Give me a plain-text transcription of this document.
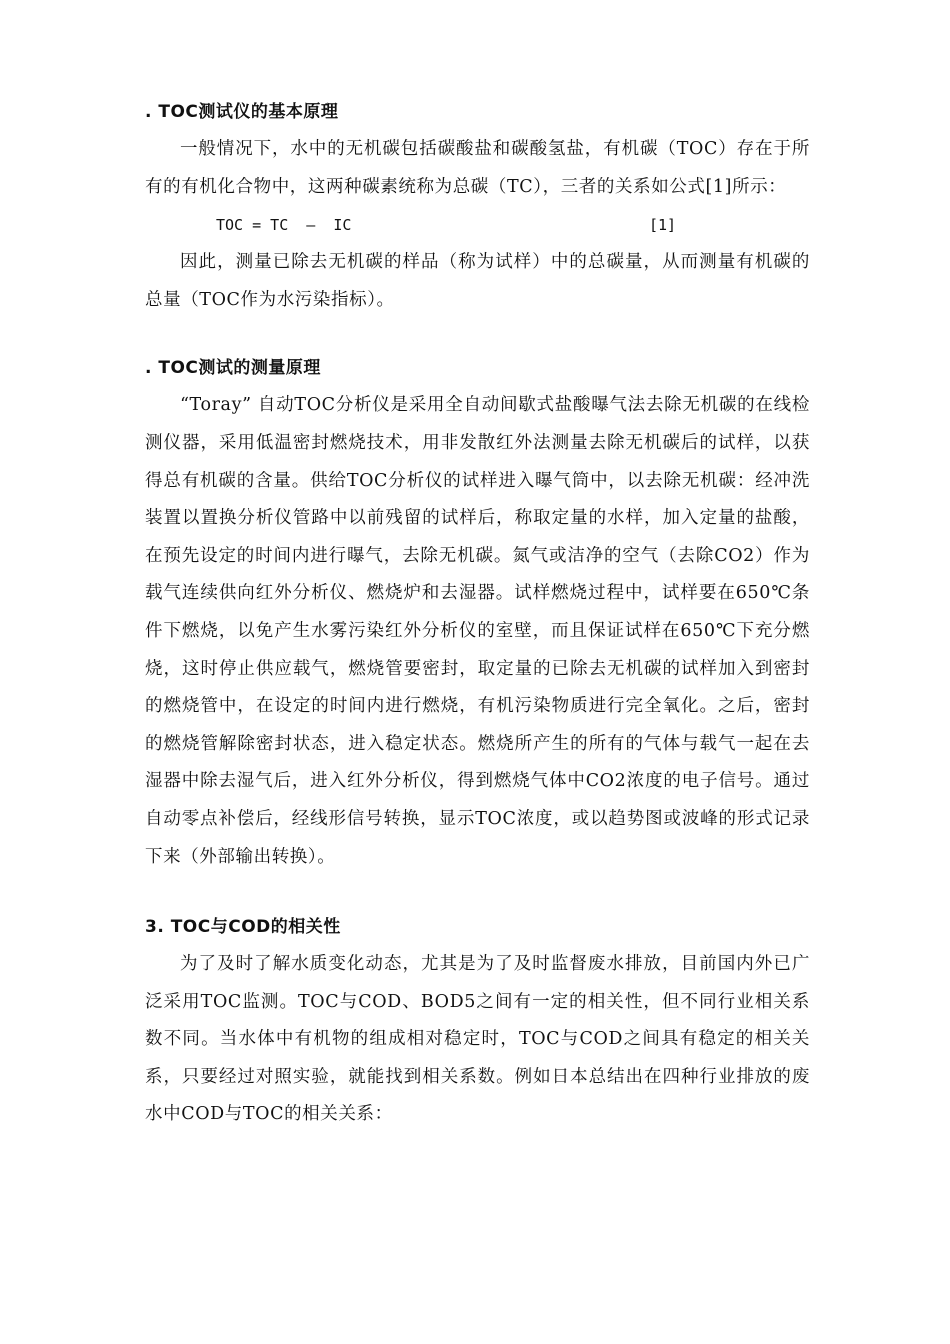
. TOC测试仪的基本原理

一般情况下，水中的无机碳包括碳酸盐和碳酸氢盐，有机碳（TOC）存在于所有的有机化合物中，这两种碳素统称为总碳（TC），三者的关系如公式[1]所示：

TOC = TC  –  IC	[1]

因此，测量已除去无机碳的样品（称为试样）中的总碳量，从而测量有机碳的总量（TOC作为水污染指标）。

. TOC测试的测量原理

“Toray” 自动TOC分析仪是采用全自动间歇式盐酸曝气法去除无机碳的在线检测仪器，采用低温密封燃烧技术，用非发散红外法测量去除无机碳后的试样，以获得总有机碳的含量。供给TOC分析仪的试样进入曝气筒中，以去除无机碳：经冲洗装置以置换分析仪管路中以前残留的试样后，称取定量的水样，加入定量的盐酸，在预先设定的时间内进行曝气，去除无机碳。氮气或洁净的空气（去除CO2）作为载气连续供向红外分析仪、燃烧炉和去湿器。试样燃烧过程中，试样要在650℃条件下燃烧，以免产生水雾污染红外分析仪的室壁，而且保证试样在650℃下充分燃烧，这时停止供应载气，燃烧管要密封，取定量的已除去无机碳的试样加入到密封的燃烧管中，在设定的时间内进行燃烧，有机污染物质进行完全氧化。之后，密封的燃烧管解除密封状态，进入稳定状态。燃烧所产生的所有的气体与载气一起在去湿器中除去湿气后，进入红外分析仪，得到燃烧气体中CO2浓度的电子信号。通过自动零点补偿后，经线形信号转换，显示TOC浓度，或以趋势图或波峰的形式记录下来（外部输出转换）。

3. TOC与COD的相关性

为了及时了解水质变化动态，尤其是为了及时监督废水排放，目前国内外已广泛采用TOC监测。TOC与COD、BOD5之间有一定的相关性，但不同行业相关系数不同。当水体中有机物的组成相对稳定时，TOC与COD之间具有稳定的相关关系，只要经过对照实验，就能找到相关系数。例如日本总结出在四种行业排放的废水中COD与TOC的相关关系：
